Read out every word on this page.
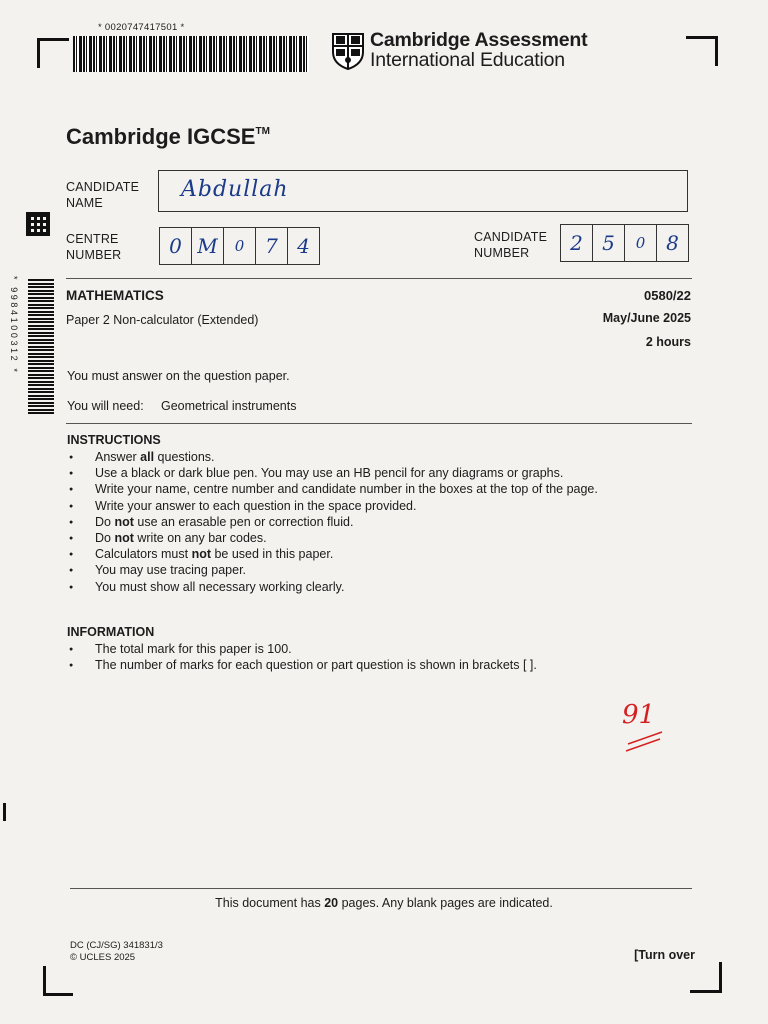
* 0020747417501 *
Cambridge Assessment
International Education
Cambridge IGCSE™
* 9984100312 *
CANDIDATE
NAME
Abdullah
CENTRE
NUMBER	0 M	0	7 4	CANDIDATE
NUMBER	2 5	0	8
MATHEMATICS	0580/22
Paper 2 Non-calculator (Extended)	May/June 2025
2 hours
You must answer on the question paper.
You will need: Geometrical instruments
INSTRUCTIONS
● Answer all questions.
● Use a black or dark blue pen. You may use an HB pencil for any diagrams or graphs.
● Write your name, centre number and candidate number in the boxes at the top of the page.
● Write your answer to each question in the space provided.
● Do not use an erasable pen or correction fluid.
● Do not write on any bar codes.
● Calculators must not be used in this paper.
● You may use tracing paper.
● You must show all necessary working clearly.
INFORMATION
● The total mark for this paper is 100.
● The number of marks for each question or part question is shown in brackets [ ].
91
This document has 20 pages. Any blank pages are indicated.
DC (CJ/SG) 341831/3
© UCLES 2025	[Turn over
